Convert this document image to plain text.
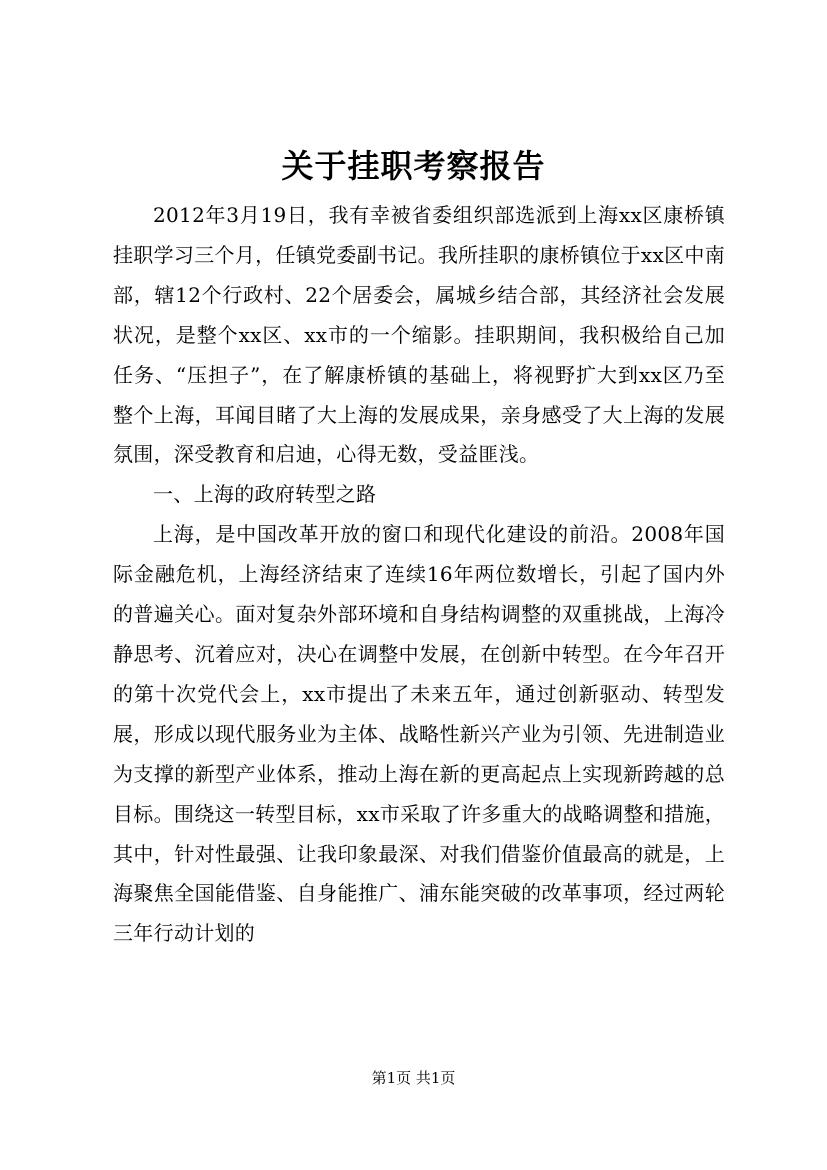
关于挂职考察报告

2012年3月19日，我有幸被省委组织部选派到上海xx区康桥镇挂职学习三个月，任镇党委副书记。我所挂职的康桥镇位于xx区中南部，辖12个行政村、22个居委会，属城乡结合部，其经济社会发展状况，是整个xx区、xx市的一个缩影。挂职期间，我积极给自己加任务、“压担子”，在了解康桥镇的基础上，将视野扩大到xx区乃至整个上海，耳闻目睹了大上海的发展成果，亲身感受了大上海的发展氛围，深受教育和启迪，心得无数，受益匪浅。

一、上海的政府转型之路

上海，是中国改革开放的窗口和现代化建设的前沿。2008年国际金融危机，上海经济结束了连续16年两位数增长，引起了国内外的普遍关心。面对复杂外部环境和自身结构调整的双重挑战，上海冷静思考、沉着应对，决心在调整中发展，在创新中转型。在今年召开的第十次党代会上，xx市提出了未来五年，通过创新驱动、转型发展，形成以现代服务业为主体、战略性新兴产业为引领、先进制造业为支撑的新型产业体系，推动上海在新的更高起点上实现新跨越的总目标。围绕这一转型目标，xx市采取了许多重大的战略调整和措施，其中，针对性最强、让我印象最深、对我们借鉴价值最高的就是，上海聚焦全国能借鉴、自身能推广、浦东能突破的改革事项，经过两轮三年行动计划的

第1页 共1页
